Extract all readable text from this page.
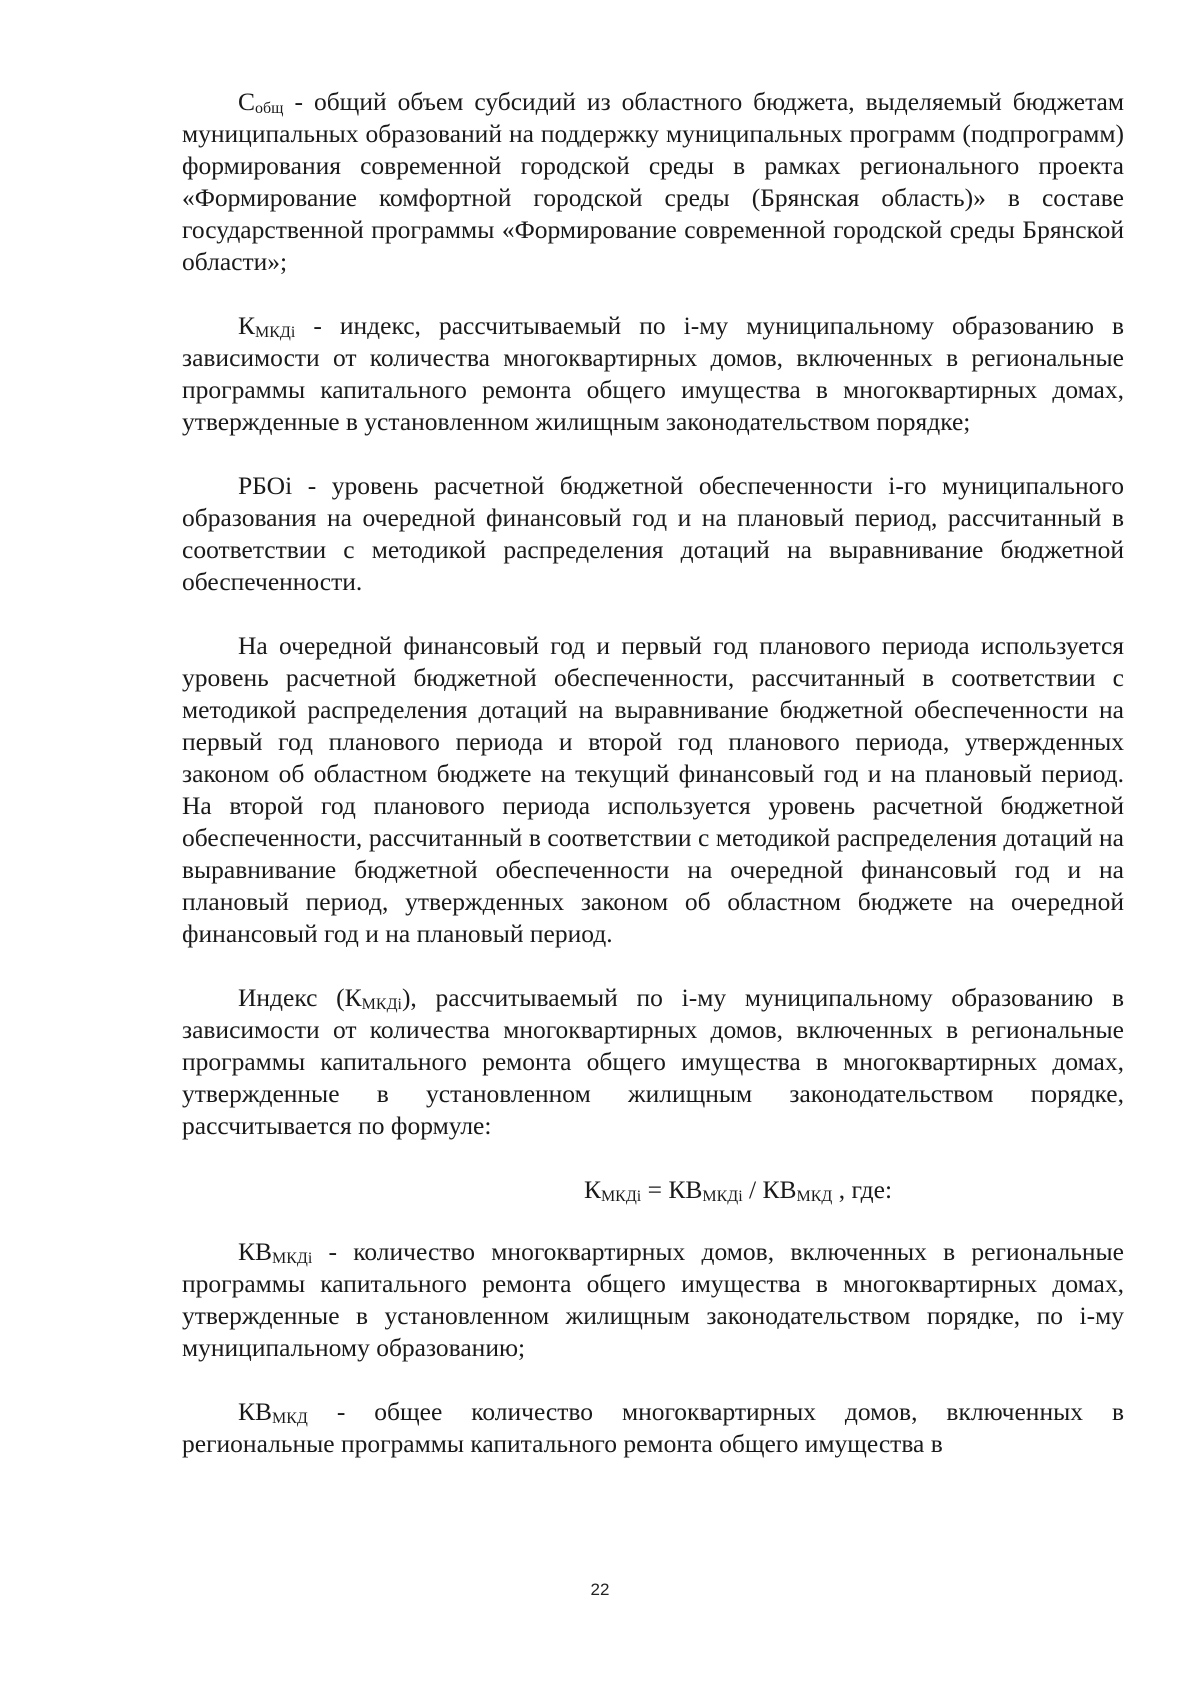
$С_{общ}$ - общий объем субсидий из областного бюджета, выделяемый бюджетам муниципальных образований на поддержку муниципальных программ (подпрограмм) формирования современной городской среды в рамках регионального проекта «Формирование комфортной городской среды (Брянская область)» в составе государственной программы «Формирование современной городской среды Брянской области»;

$К_{МКДi}$ - индекс, рассчитываемый по i-му муниципальному образованию в зависимости от количества многоквартирных домов, включенных в региональные программы капитального ремонта общего имущества в многоквартирных домах, утвержденные в установленном жилищным законодательством порядке;

РБОi - уровень расчетной бюджетной обеспеченности i-го муниципального образования на очередной финансовый год и на плановый период, рассчитанный в соответствии с методикой распределения дотаций на выравнивание бюджетной обеспеченности.

На очередной финансовый год и первый год планового периода используется уровень расчетной бюджетной обеспеченности, рассчитанный в соответствии с методикой распределения дотаций на выравнивание бюджетной обеспеченности на первый год планового периода и второй год планового периода, утвержденных законом об областном бюджете на текущий финансовый год и на плановый период. На второй год планового периода используется уровень расчетной бюджетной обеспеченности, рассчитанный в соответствии с методикой распределения дотаций на выравнивание бюджетной обеспеченности на очередной финансовый год и на плановый период, утвержденных законом об областном бюджете на очередной финансовый год и на плановый период.

Индекс $(К_{МКДi})$, рассчитываемый по i-му муниципальному образованию в зависимости от количества многоквартирных домов, включенных в региональные программы капитального ремонта общего имущества в многоквартирных домах, утвержденные в установленном жилищным законодательством порядке, рассчитывается по формуле:

$К_{МКДi} = КВ_{МКДi} / КВ_{МКД}$ , где:

$КВ_{МКДi}$ - количество многоквартирных домов, включенных в региональные программы капитального ремонта общего имущества в многоквартирных домах, утвержденные в установленном жилищным законодательством порядке, по i-му муниципальному образованию;

$КВ_{МКД}$ - общее количество многоквартирных домов, включенных в региональные программы капитального ремонта общего имущества в

22
